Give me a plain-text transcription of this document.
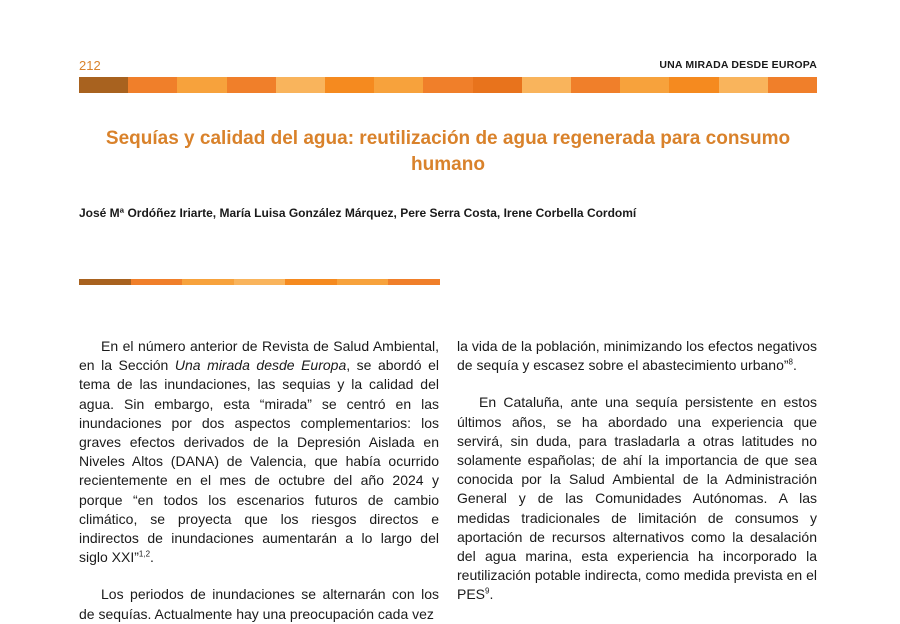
212	UNA MIRADA DESDE EUROPA
Sequías y calidad del agua: reutilización de agua regenerada para consumo
humano
José Mª Ordóñez Iriarte, María Luisa González Márquez, Pere Serra Costa, Irene Corbella Cordomí

En el número anterior de Revista de Salud Ambiental, en la Sección Una mirada desde Europa, se abordó el tema de las inundaciones, las sequias y la calidad del agua. Sin embargo, esta “mirada” se centró en las inundaciones por dos aspectos complementarios: los graves efectos derivados de la Depresión Aislada en Niveles Altos (DANA) de Valencia, que había ocurrido recientemente en el mes de octubre del año 2024 y porque “en todos los escenarios futuros de cambio climático, se proyecta que los riesgos directos e indirectos de inundaciones aumentarán a lo largo del siglo XXI”$^{1,2}$.

Los periodos de inundaciones se alternarán con los de sequías. Actualmente hay una preocupación cada vez

la vida de la población, minimizando los efectos negativos de sequía y escasez sobre el abastecimiento urbano”$^8$.

En Cataluña, ante una sequía persistente en estos últimos años, se ha abordado una experiencia que servirá, sin duda, para trasladarla a otras latitudes no solamente españolas; de ahí la importancia de que sea conocida por la Salud Ambiental de la Administración General y de las Comunidades Autónomas. A las medidas tradicionales de limitación de consumos y aportación de recursos alternativos como la desalación del agua marina, esta experiencia ha incorporado la reutilización potable indirecta, como medida prevista en el PES$^9$.
